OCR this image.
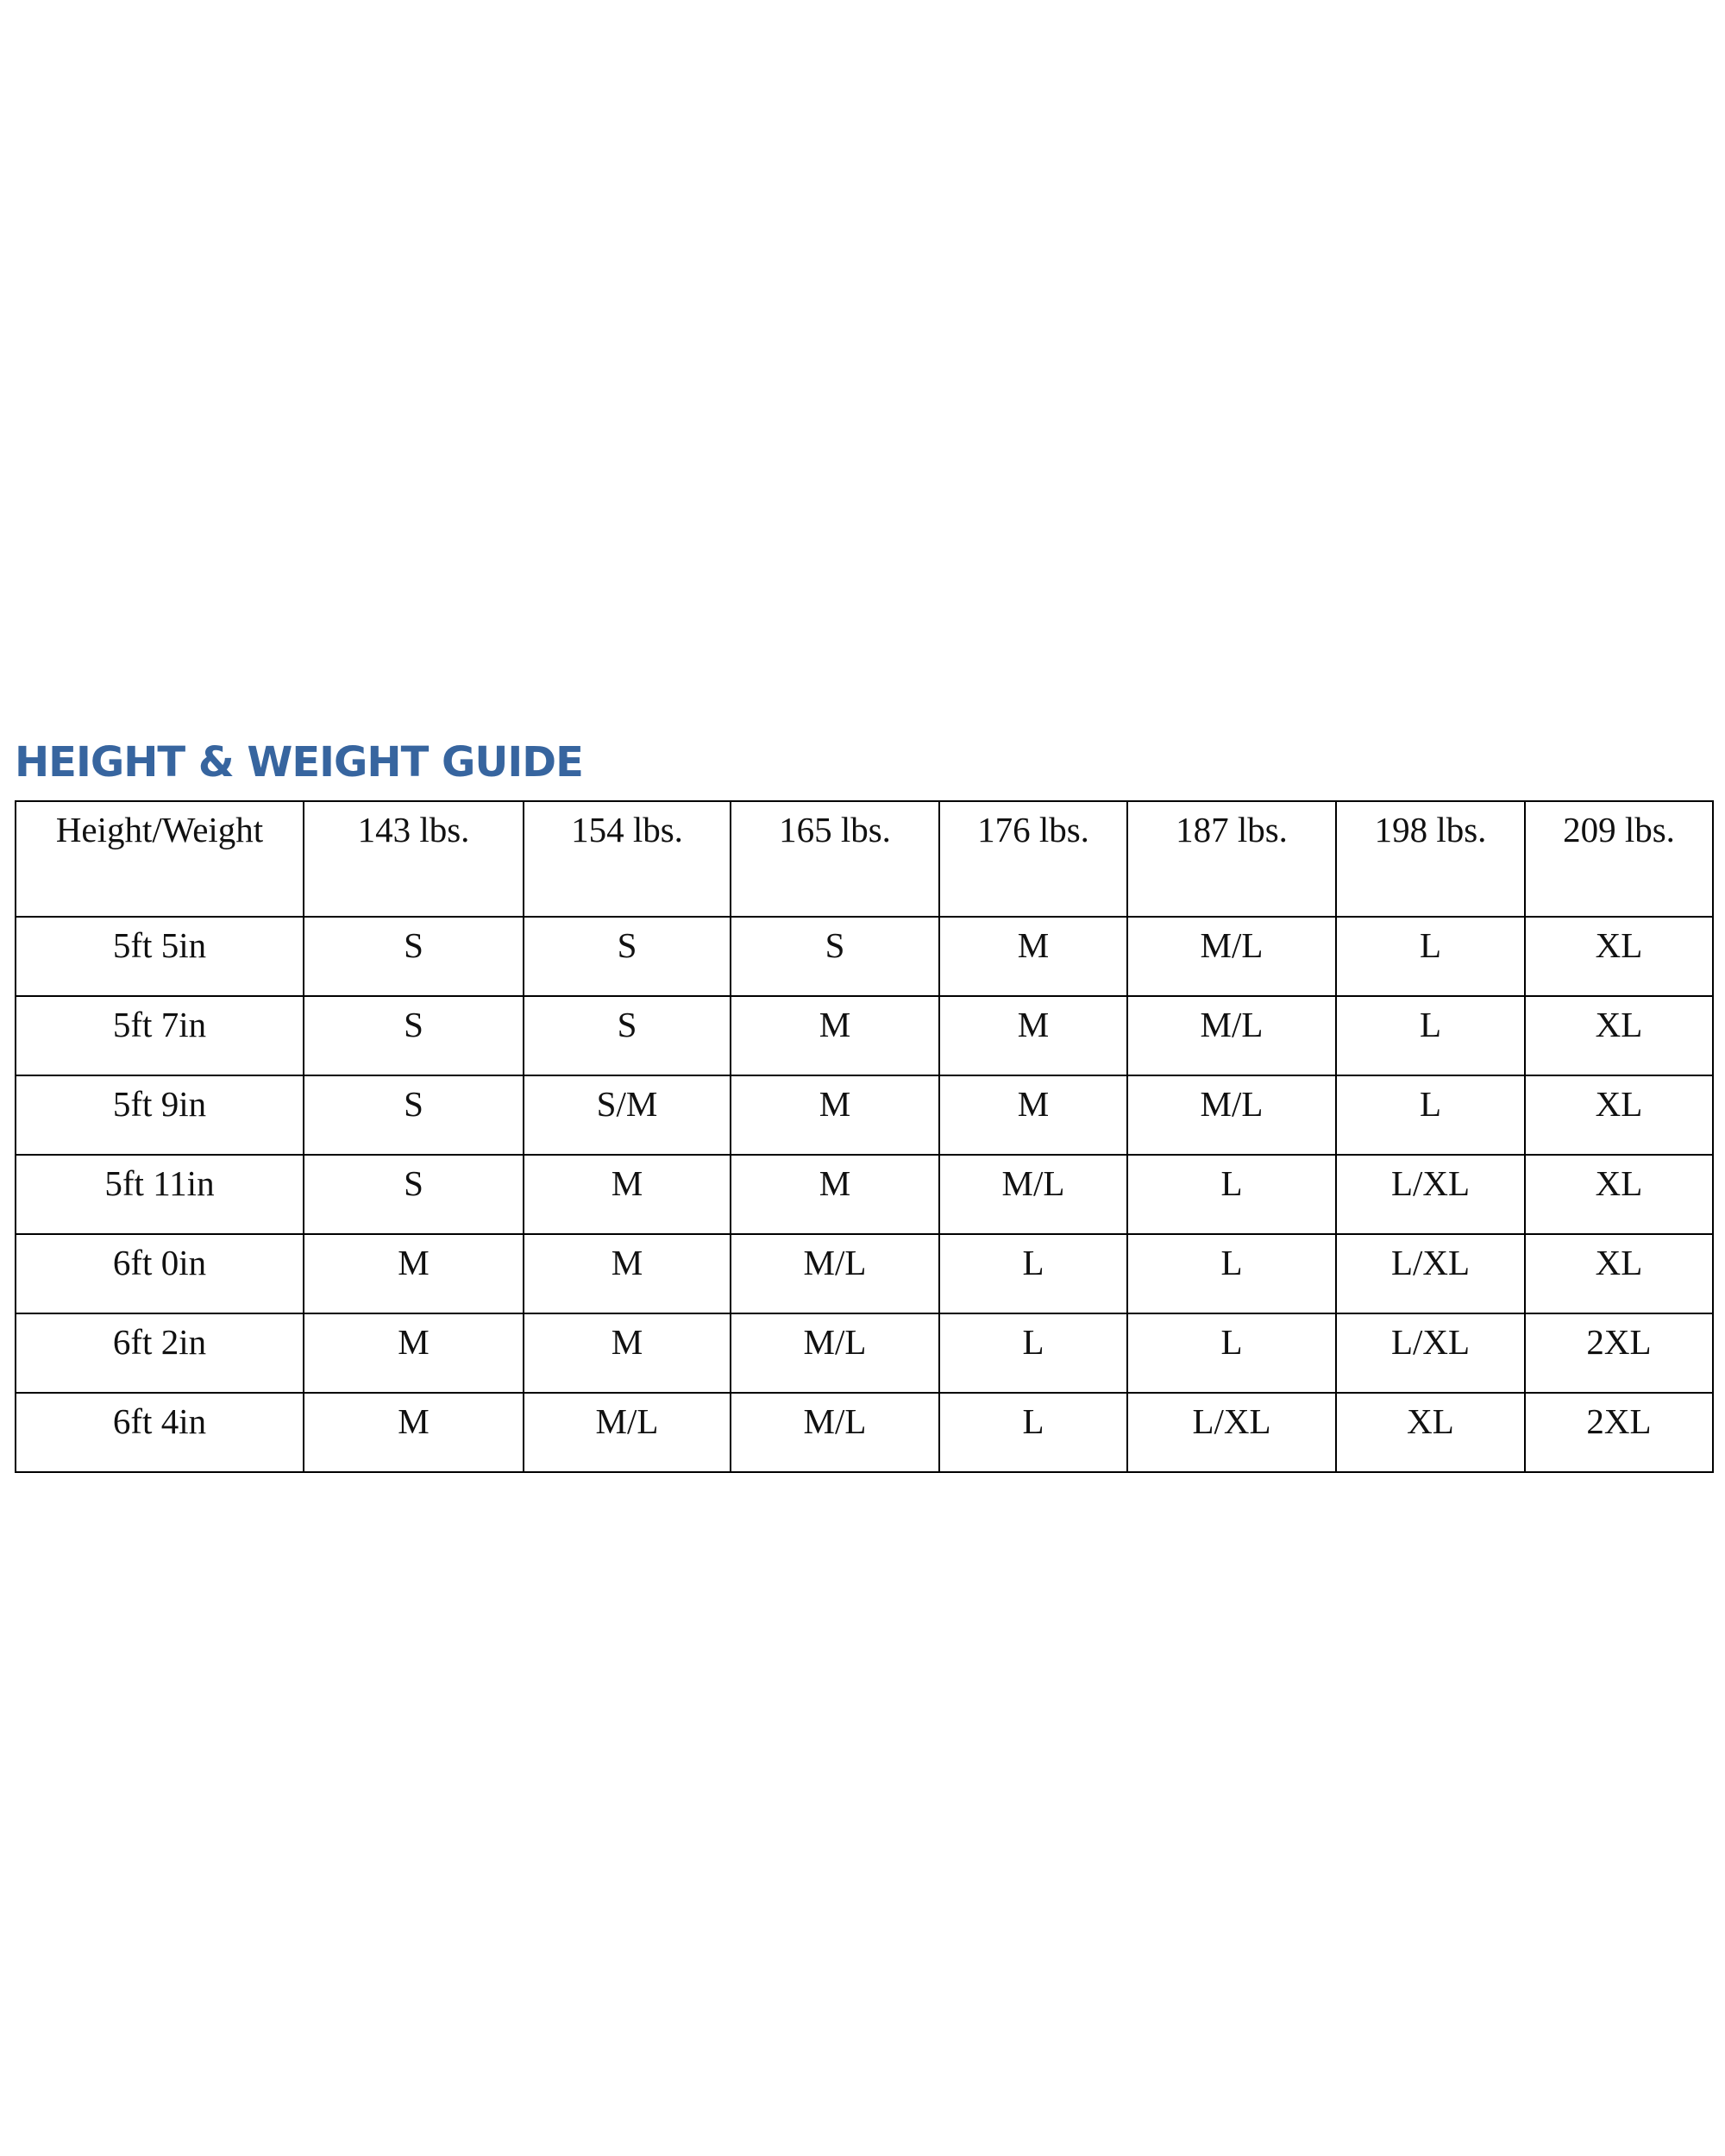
HEIGHT & WEIGHT GUIDE
Height/Weight	143 lbs.	154 lbs.	165 lbs.	176 lbs.	187 lbs.	198 lbs.	209 lbs.
5ft 5in	S	S	S	M	M/L	L	XL
5ft 7in	S	S	M	M	M/L	L	XL
5ft 9in	S	S/M	M	M	M/L	L	XL
5ft 11in	S	M	M	M/L	L	L/XL	XL
6ft 0in	M	M	M/L	L	L	L/XL	XL
6ft 2in	M	M	M/L	L	L	L/XL	2XL
6ft 4in	M	M/L	M/L	L	L/XL	XL	2XL
